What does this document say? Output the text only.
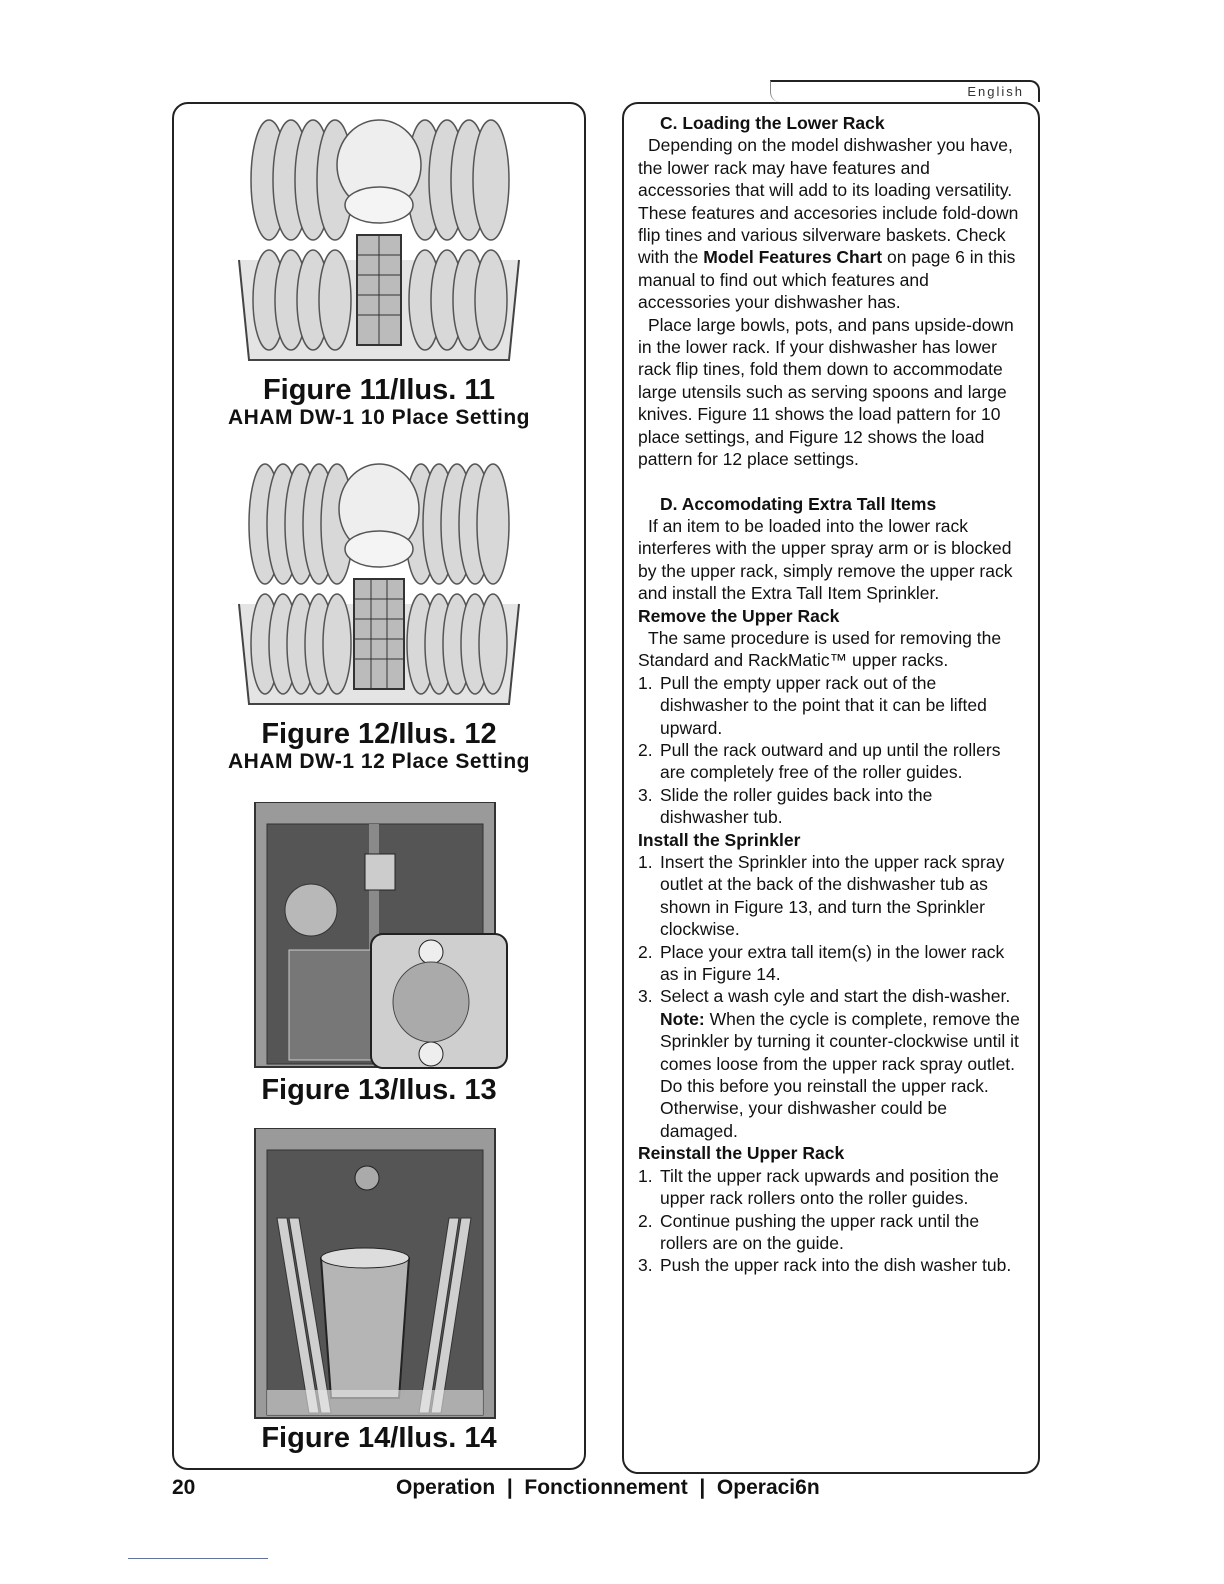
Figure 11/Ilus. 11
AHAM DW-1 10 Place Setting
Figure 12/Ilus. 12
AHAM DW-1 12 Place Setting
Figure 13/Ilus. 13
Figure 14/Ilus. 14
English

C. Loading the Lower Rack

Depending on the model dishwasher you have, the lower rack may have features and accessories that will add to its loading versatility. These features and accesories include fold-down flip tines and various silverware baskets. Check with the Model Features Chart on page 6 in this manual to find out which features and accessories your dishwasher has.

Place large bowls, pots, and pans upside-down in the lower rack. If your dishwasher has lower rack flip tines, fold them down to accommodate large utensils such as serving spoons and large knives. Figure 11 shows the load pattern for 10 place settings, and Figure 12 shows the load pattern for 12 place settings.

D. Accomodating Extra Tall Items

If an item to be loaded into the lower rack interferes with the upper spray arm or is blocked by the upper rack, simply remove the upper rack and install the Extra Tall Item Sprinkler.

Remove the Upper Rack

The same procedure is used for removing the Standard and RackMatic™ upper racks.

1. Pull the empty upper rack out of the dishwasher to the point that it can be lifted upward.
2. Pull the rack outward and up until the rollers are completely free of the roller guides.
3. Slide the roller guides back into the dishwasher tub.

Install the Sprinkler

1. Insert the Sprinkler into the upper rack spray outlet at the back of the dishwasher tub as shown in Figure 13, and turn the Sprinkler clockwise.
2. Place your extra tall item(s) in the lower rack as in Figure 14.
3. Select a wash cyle and start the dish-washer.

Note: When the cycle is complete, remove the Sprinkler by turning it counter-clockwise until it comes loose from the upper rack spray outlet. Do this before you reinstall the upper rack. Otherwise, your dishwasher could be damaged.

Reinstall the Upper Rack

1. Tilt the upper rack upwards and position the upper rack rollers onto the roller guides.
2. Continue pushing the upper rack until the rollers are on the guide.
3. Push the upper rack into the dish washer tub.
20	Operation  |  Fonctionnement  |  Operaci6n
